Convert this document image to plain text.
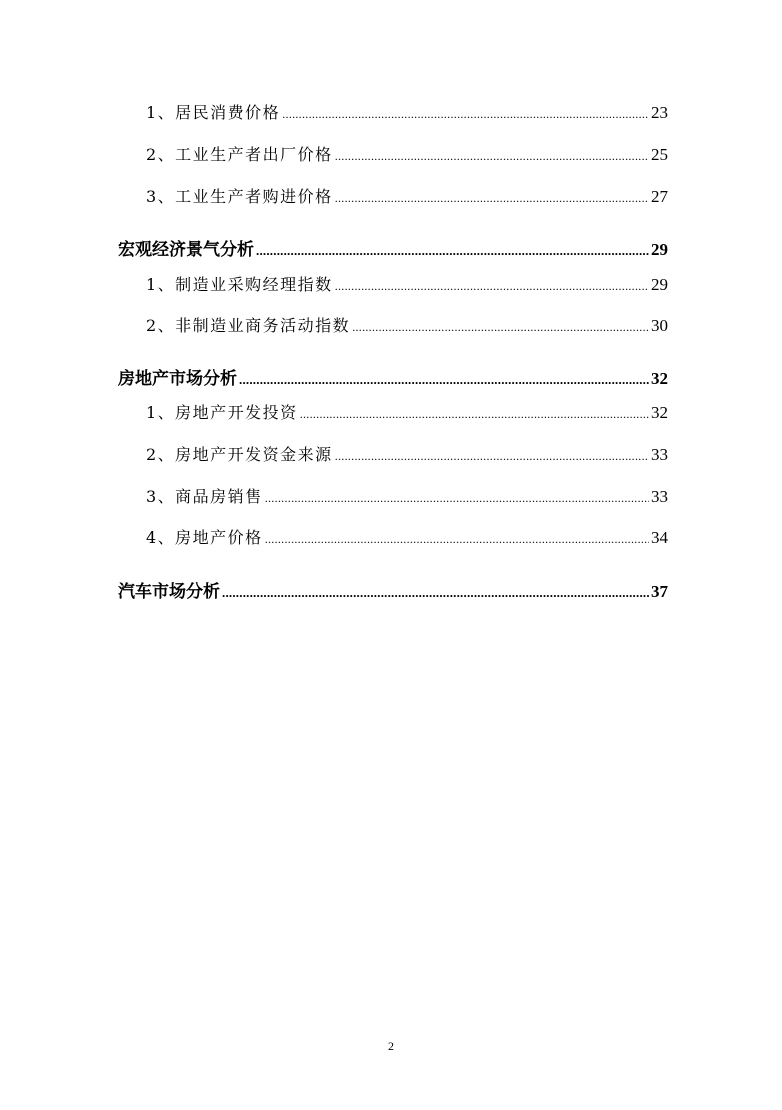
1、居民消费价格 .....	23
2、工业生产者出厂价格 .....	25
3、工业生产者购进价格 .....	27
宏观经济景气分析 .....	29
1、制造业采购经理指数 .....	29
2、非制造业商务活动指数 .....	30
房地产市场分析 .....	32
1、房地产开发投资 .....	32
2、房地产开发资金来源 .....	33
3、商品房销售 .....	33
4、房地产价格 .....	34
汽车市场分析 .....	37
2
